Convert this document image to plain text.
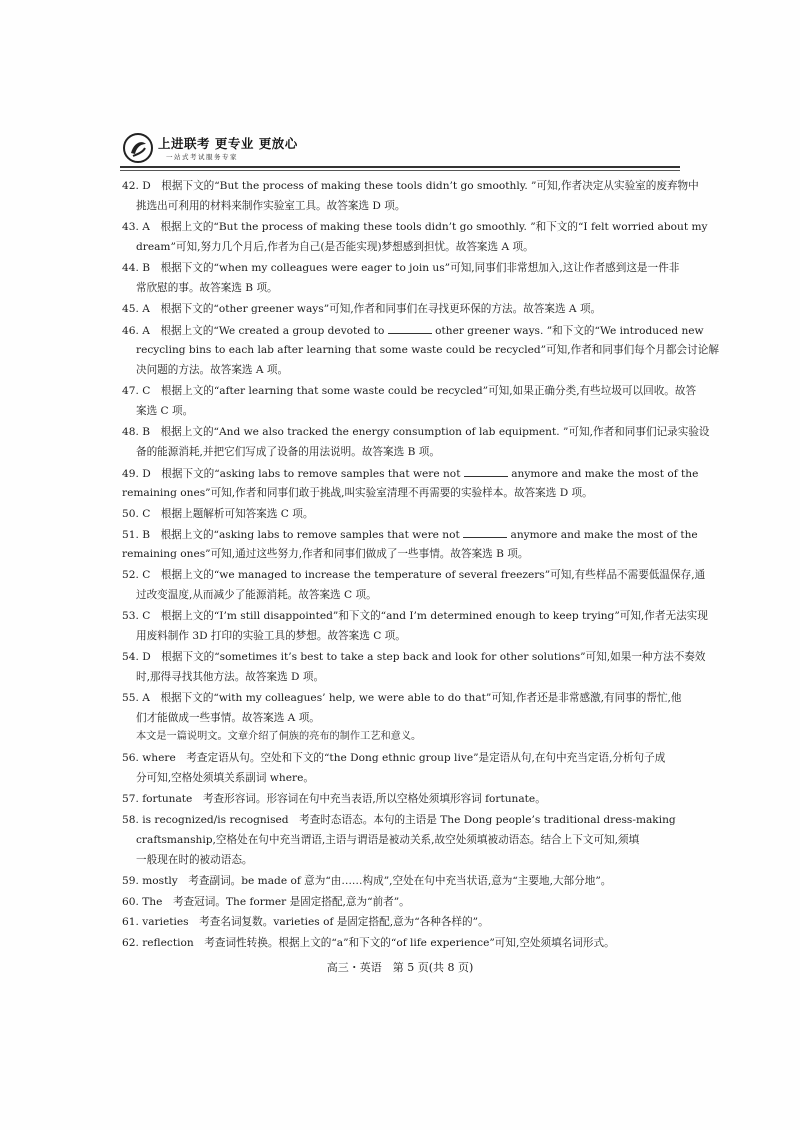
上进联考 更专业 更放心
一站式考试服务专家
42. D　根据下文的“But the process of making these tools didn’t go smoothly. ”可知,作者决定从实验室的废弃物中
挑选出可利用的材料来制作实验室工具。故答案选 D 项。
43. A　根据上文的“But the process of making these tools didn’t go smoothly. ”和下文的“I felt worried about my
dream”可知,努力几个月后,作者为自己(是否能实现)梦想感到担忧。故答案选 A 项。
44. B　根据下文的“when my colleagues were eager to join us”可知,同事们非常想加入,这让作者感到这是一件非
常欣慰的事。故答案选 B 项。
45. A　根据下文的“other greener ways”可知,作者和同事们在寻找更环保的方法。故答案选 A 项。
46. A　根据上文的“We created a group devoted to	other greener ways. ”和下文的“We introduced new
recycling bins to each lab after learning that some waste could be recycled”可知,作者和同事们每个月都会讨论解
决问题的方法。故答案选 A 项。
47. C　根据上文的“after learning that some waste could be recycled”可知,如果正确分类,有些垃圾可以回收。故答
案选 C 项。
48. B　根据上文的“And we also tracked the energy consumption of lab equipment. ”可知,作者和同事们记录实验设
备的能源消耗,并把它们写成了设备的用法说明。故答案选 B 项。
49. D　根据下文的“asking labs to remove samples that were not	anymore and make the most of the
remaining ones”可知,作者和同事们敢于挑战,叫实验室清理不再需要的实验样本。故答案选 D 项。
50. C　根据上题解析可知答案选 C 项。
51. B　根据上文的“asking labs to remove samples that were not	anymore and make the most of the
remaining ones”可知,通过这些努力,作者和同事们做成了一些事情。故答案选 B 项。
52. C　根据上文的“we managed to increase the temperature of several freezers”可知,有些样品不需要低温保存,通
过改变温度,从而减少了能源消耗。故答案选 C 项。
53. C　根据上文的“I’m still disappointed”和下文的“and I’m determined enough to keep trying”可知,作者无法实现
用废料制作 3D 打印的实验工具的梦想。故答案选 C 项。
54. D　根据下文的“sometimes it’s best to take a step back and look for other solutions”可知,如果一种方法不奏效
时,那得寻找其他方法。故答案选 D 项。
55. A　根据下文的“with my colleagues’ help, we were able to do that”可知,作者还是非常感激,有同事的帮忙,他
们才能做成一些事情。故答案选 A 项。
本文是一篇说明文。文章介绍了侗族的亮布的制作工艺和意义。
56. where　考查定语从句。空处和下文的“the Dong ethnic group live”是定语从句,在句中充当定语,分析句子成
分可知,空格处须填关系副词 where。
57. fortunate　考查形容词。形容词在句中充当表语,所以空格处须填形容词 fortunate。
58. is recognized/is recognised　考查时态语态。本句的主语是 The Dong people’s traditional dress-making
craftsmanship,空格处在句中充当谓语,主语与谓语是被动关系,故空处须填被动语态。结合上下文可知,须填
一般现在时的被动语态。
59. mostly　考查副词。be made of 意为“由……构成”,空处在句中充当状语,意为“主要地,大部分地”。
60. The　考查冠词。The former 是固定搭配,意为“前者”。
61. varieties　考查名词复数。varieties of 是固定搭配,意为“各种各样的”。
62. reflection　考查词性转换。根据上文的“a”和下文的“of life experience”可知,空处须填名词形式。
高三・英语　第 5 页(共 8 页)
